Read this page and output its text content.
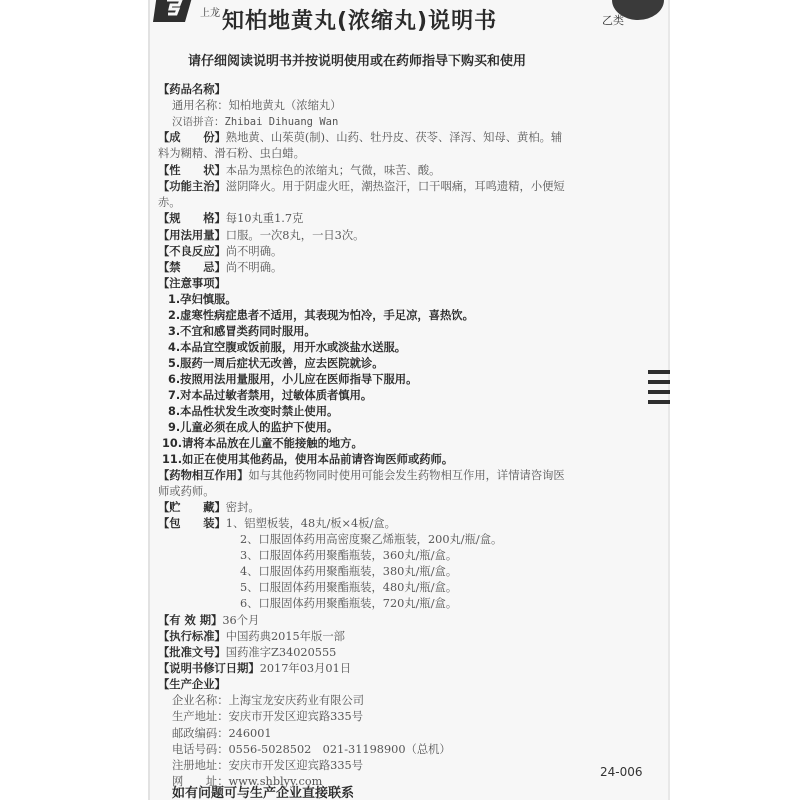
上龙 知柏地黄丸(浓缩丸)说明书	乙类
请仔细阅读说明书并按说明使用或在药师指导下购买和使用
【药品名称】
通用名称：知柏地黄丸（浓缩丸）
汉语拼音：Zhibai Dihuang Wan
【成　　份】熟地黄、山茱萸(制)、山药、牡丹皮、茯苓、泽泻、知母、黄柏。辅
料为糊精、滑石粉、虫白蜡。
【性　　状】本品为黑棕色的浓缩丸；气微，味苦、酸。
【功能主治】滋阴降火。用于阴虚火旺，潮热盗汗，口干咽痛，耳鸣遗精，小便短
赤。
【规　　格】每10丸重1.7克
【用法用量】口服。一次8丸，一日3次。
【不良反应】尚不明确。
【禁　　忌】尚不明确。
【注意事项】
1.孕妇慎服。
2.虚寒性病症患者不适用，其表现为怕冷，手足凉，喜热饮。
3.不宜和感冒类药同时服用。
4.本品宜空腹或饭前服，用开水或淡盐水送服。
5.服药一周后症状无改善，应去医院就诊。
6.按照用法用量服用，小儿应在医师指导下服用。
7.对本品过敏者禁用，过敏体质者慎用。
8.本品性状发生改变时禁止使用。
9.儿童必须在成人的监护下使用。
10.请将本品放在儿童不能接触的地方。
11.如正在使用其他药品，使用本品前请咨询医师或药师。
【药物相互作用】如与其他药物同时使用可能会发生药物相互作用，详情请咨询医
师或药师。
【贮　　藏】密封。
【包　　装】1、铝塑板装，48丸/板×4板/盒。
2、口服固体药用高密度聚乙烯瓶装，200丸/瓶/盒。
3、口服固体药用聚酯瓶装，360丸/瓶/盒。
4、口服固体药用聚酯瓶装，380丸/瓶/盒。
5、口服固体药用聚酯瓶装，480丸/瓶/盒。
6、口服固体药用聚酯瓶装，720丸/瓶/盒。
【有 效 期】36个月
【执行标准】中国药典2015年版一部
【批准文号】国药准字Z34020555
【说明书修订日期】2017年03月01日
【生产企业】
企业名称：上海宝龙安庆药业有限公司
生产地址：安庆市开发区迎宾路335号
邮政编码：246001
电话号码：0556-5028502　021-31198900（总机）
注册地址：安庆市开发区迎宾路335号
网　　址：www.shblyy.com
24-006
如有问题可与生产企业直接联系
